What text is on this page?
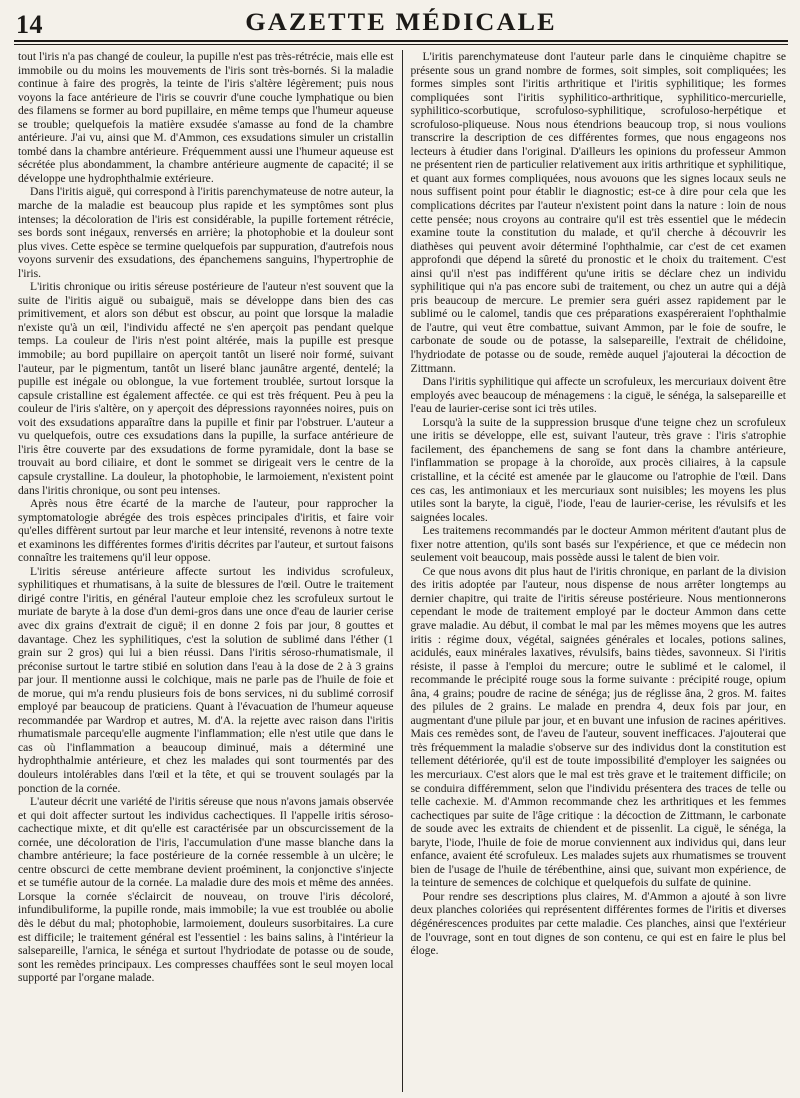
14	GAZETTE MÉDICALE

tout l'iris n'a pas changé de couleur, la pupille n'est pas très-rétrécie, mais elle est immobile ou du moins les mouvements de l'iris sont très-bornés. Si la maladie continue à faire des progrès, la teinte de l'iris s'altère légèrement; puis nous voyons la face antérieure de l'iris se couvrir d'une couche lymphatique ou bien des filamens se former au bord pupillaire, en même temps que l'humeur aqueuse se trouble; quelquefois la matière exsudée s'amasse au fond de la chambre antérieure. J'ai vu, ainsi que M. d'Ammon, ces exsudations simuler un cristallin tombé dans la chambre antérieure. Fréquemment aussi une l'humeur aqueuse est sécrétée plus abondamment, la chambre antérieure augmente de capacité; il se développe une hydrophthalmie extérieure.

Dans l'iritis aiguë, qui correspond à l'iritis parenchymateuse de notre auteur, la marche de la maladie est beaucoup plus rapide et les symptômes sont plus intenses; la décoloration de l'iris est considérable, la pupille fortement rétrécie, ses bords sont inégaux, renversés en arrière; la photophobie et la douleur sont plus vives. Cette espèce se termine quelquefois par suppuration, d'autrefois nous voyons survenir des exsudations, des épanchemens sanguins, l'hypertrophie de l'iris.

L'iritis chronique ou iritis séreuse postérieure de l'auteur n'est souvent que la suite de l'iritis aiguë ou subaiguë, mais se développe dans bien des cas primitivement, et alors son début est obscur, au point que lorsque la maladie n'existe qu'à un œil, l'individu affecté ne s'en aperçoit pas pendant quelque temps. La couleur de l'iris n'est point altérée, mais la pupille est presque immobile; au bord pupillaire on aperçoit tantôt un liseré noir formé, suivant l'auteur, par le pigmentum, tantôt un liseré blanc jaunâtre argenté, dentelé; la pupille est inégale ou oblongue, la vue fortement troublée, surtout lorsque la capsule cristalline est également affectée. ce qui est très fréquent. Peu à peu la couleur de l'iris s'altère, on y aperçoit des dépressions rayonnées noires, puis on voit des exsudations apparaître dans la pupille et finir par l'obstruer. L'auteur a vu quelquefois, outre ces exsudations dans la pupille, la surface antérieure de l'iris être couverte par des exsudations de forme pyramidale, dont la base se trouvait au bord ciliaire, et dont le sommet se dirigeait vers le centre de la capsule crystalline. La douleur, la photophobie, le larmoiement, n'existent point dans l'iritis chronique, ou sont peu intenses.

Après nous être écarté de la marche de l'auteur, pour rapprocher la symptomatologie abrégée des trois espèces principales d'iritis, et faire voir qu'elles diffèrent surtout par leur marche et leur intensité, revenons à notre texte et examinons les différentes formes d'iritis décrites par l'auteur, et surtout faisons connaître les traitemens qu'il leur oppose.

L'iritis séreuse antérieure affecte surtout les individus scrofuleux, syphilitiques et rhumatisans, à la suite de blessures de l'œil. Outre le traitement dirigé contre l'iritis, en général l'auteur emploie chez les scrofuleux surtout le muriate de baryte à la dose d'un demi-gros dans une once d'eau de laurier cerise avec dix grains d'extrait de ciguë; il en donne 2 fois par jour, 8 gouttes et davantage. Chez les syphilitiques, c'est la solution de sublimé dans l'éther (1 grain sur 2 gros) qui lui a bien réussi. Dans l'iritis séroso-rhumatismale, il préconise surtout le tartre stibié en solution dans l'eau à la dose de 2 à 3 grains par jour. Il mentionne aussi le colchique, mais ne parle pas de l'huile de foie et de morue, qui m'a rendu plusieurs fois de bons services, ni du sublimé corrosif employé par beaucoup de praticiens. Quant à l'évacuation de l'humeur aqueuse recommandée par Wardrop et autres, M. d'A. la rejette avec raison dans l'iritis rhumatismale parcequ'elle augmente l'inflammation; elle n'est utile que dans le cas où l'inflammation a beaucoup diminué, mais a déterminé une hydrophthalmie antérieure, et chez les malades qui sont tourmentés par des douleurs intolérables dans l'œil et la tête, et qui se trouvent soulagés par la ponction de la cornée.

L'auteur décrit une variété de l'iritis séreuse que nous n'avons jamais observée et qui doit affecter surtout les individus cachectiques. Il l'appelle iritis séroso-cachectique mixte, et dit qu'elle est caractérisée par un obscurcissement de la cornée, une décoloration de l'iris, l'accumulation d'une masse blanche dans la chambre antérieure; la face postérieure de la cornée ressemble à un ulcère; le centre obscurci de cette membrane devient proéminent, la conjonctive s'injecte et se tuméfie autour de la cornée. La maladie dure des mois et même des années. Lorsque la cornée s'éclaircit de nouveau, on trouve l'iris décoloré, infundibuliforme, la pupille ronde, mais immobile; la vue est troublée ou abolie dès le début du mal; photophobie, larmoiement, douleurs susorbitaires. La cure est difficile; le traitement général est l'essentiel : les bains salins, à l'intérieur la salsepareille, l'arnica, le sénéga et surtout l'hydriodate de potasse ou de soude, sont les remèdes principaux. Les compresses chauffées sont le seul moyen local supporté par l'organe malade.

L'iritis parenchymateuse dont l'auteur parle dans le cinquième chapitre se présente sous un grand nombre de formes, soit simples, soit compliquées; les formes simples sont l'iritis arthritique et l'iritis syphilitique; les formes compliquées sont l'iritis syphilitico-arthritique, syphilitico-mercurielle, syphilitico-scorbutique, scrofuloso-syphilitique, scrofuloso-herpétique et scrofuloso-pliqueuse. Nous nous étendrions beaucoup trop, si nous voulions transcrire la description de ces différentes formes, que nous engageons nos lecteurs à étudier dans l'original. D'ailleurs les opinions du professeur Ammon ne présentent rien de particulier relativement aux iritis arthritique et syphilitique, et quant aux formes compliquées, nous avouons que les signes locaux seuls ne nous suffisent point pour établir le diagnostic; est-ce à dire pour cela que les complications décrites par l'auteur n'existent point dans la nature : loin de nous cette pensée; nous croyons au contraire qu'il est très essentiel que le médecin examine toute la constitution du malade, et qu'il cherche à découvrir les diathèses qui peuvent avoir déterminé l'ophthalmie, car c'est de cet examen approfondi que dépend la sûreté du pronostic et le choix du traitement. C'est ainsi qu'il n'est pas indifférent qu'une iritis se déclare chez un individu syphilitique qui n'a pas encore subi de traitement, ou chez un autre qui a déjà pris beaucoup de mercure. Le premier sera guéri assez rapidement par le sublimé ou le calomel, tandis que ces préparations exaspéreraient l'ophthalmie de l'autre, qui veut être combattue, suivant Ammon, par le foie de soufre, le carbonate de soude ou de potasse, la salsepareille, l'extrait de chélidoine, l'hydriodate de potasse ou de soude, remède auquel j'ajouterai la décoction de Zittmann.

Dans l'iritis syphilitique qui affecte un scrofuleux, les mercuriaux doivent être employés avec beaucoup de ménagemens : la ciguë, le sénéga, la salsepareille et l'eau de laurier-cerise sont ici très utiles.

Lorsqu'à la suite de la suppression brusque d'une teigne chez un scrofuleux une iritis se développe, elle est, suivant l'auteur, très grave : l'iris s'atrophie facilement, des épanchemens de sang se font dans la chambre antérieure, l'inflammation se propage à la choroïde, aux procès ciliaires, à la capsule cristalline, et la cécité est amenée par le glaucome ou l'atrophie de l'œil. Dans ces cas, les antimoniaux et les mercuriaux sont nuisibles; les moyens les plus utiles sont la baryte, la ciguë, l'iode, l'eau de laurier-cerise, les révulsifs et les saignées locales.

Les traitemens recommandés par le docteur Ammon méritent d'autant plus de fixer notre attention, qu'ils sont basés sur l'expérience, et que ce médecin non seulement voit beaucoup, mais possède aussi le talent de bien voir.

Ce que nous avons dit plus haut de l'iritis chronique, en parlant de la division des iritis adoptée par l'auteur, nous dispense de nous arrêter longtemps au dernier chapitre, qui traite de l'iritis séreuse postérieure. Nous mentionnerons cependant le mode de traitement employé par le docteur Ammon dans cette grave maladie. Au début, il combat le mal par les mêmes moyens que les autres iritis : régime doux, végétal, saignées générales et locales, potions salines, acidulés, eaux minérales laxatives, révulsifs, bains tièdes, savonneux. Si l'iritis résiste, il passe à l'emploi du mercure; outre le sublimé et le calomel, il recommande le précipité rouge sous la forme suivante : précipité rouge, opium âna, 4 grains; poudre de racine de sénéga; jus de réglisse âna, 2 gros. M. faites des pilules de 2 grains. Le malade en prendra 4, deux fois par jour, en augmentant d'une pilule par jour, et en buvant une infusion de racines apéritives. Mais ces remèdes sont, de l'aveu de l'auteur, souvent inefficaces. J'ajouterai que très fréquemment la maladie s'observe sur des individus dont la constitution est tellement détériorée, qu'il est de toute impossibilité d'employer les saignées ou les mercuriaux. C'est alors que le mal est très grave et le traitement difficile; on se conduira différemment, selon que l'individu présentera des traces de telle ou telle cachexie. M. d'Ammon recommande chez les arthritiques et les femmes cachectiques par suite de l'âge critique : la décoction de Zittmann, le carbonate de soude avec les extraits de chiendent et de pissenlit. La ciguë, le sénéga, la baryte, l'iode, l'huile de foie de morue conviennent aux individus qui, dans leur enfance, avaient été scrofuleux. Les malades sujets aux rhumatismes se trouvent bien de l'usage de l'huile de térébenthine, ainsi que, suivant mon expérience, de la teinture de semences de colchique et quelquefois du sulfate de quinine.

Pour rendre ses descriptions plus claires, M. d'Ammon a ajouté à son livre deux planches coloriées qui représentent différentes formes de l'iritis et diverses dégénérescences produites par cette maladie. Ces planches, ainsi que l'extérieur de l'ouvrage, sont en tout dignes de son contenu, ce qui est en faire le plus bel éloge.
